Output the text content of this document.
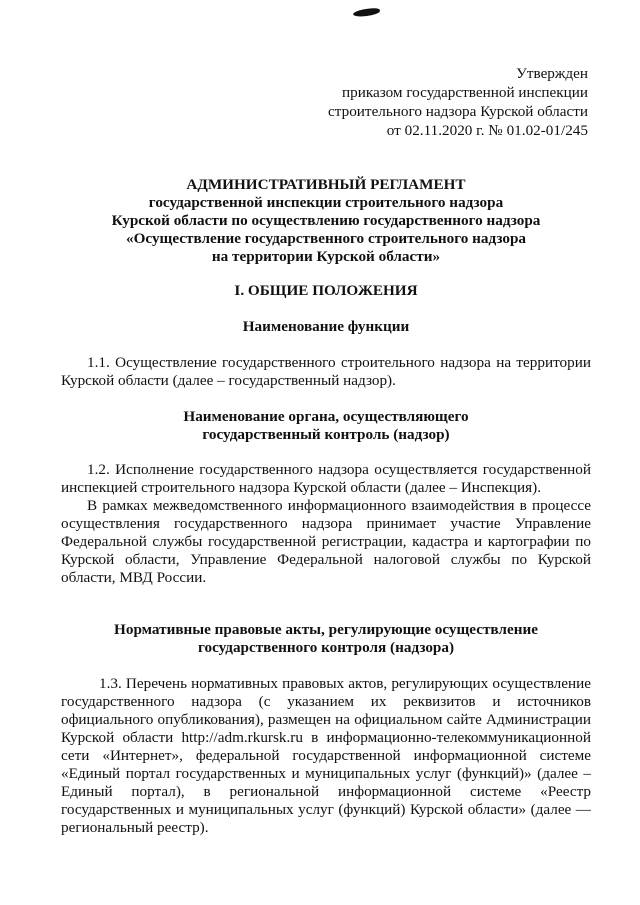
Утвержден
приказом государственной инспекции
строительного надзора Курской области
от 02.11.2020 г. № 01.02-01/245
АДМИНИСТРАТИВНЫЙ РЕГЛАМЕНТ
государственной инспекции строительного надзора
Курской области по осуществлению государственного надзора
«Осуществление государственного строительного надзора
на территории Курской области»
I. ОБЩИЕ ПОЛОЖЕНИЯ
Наименование функции

1.1. Осуществление государственного строительного надзора на территории Курской области (далее – государственный надзор).

Наименование органа, осуществляющего
государственный контроль (надзор)

1.2. Исполнение государственного надзора осуществляется государственной инспекцией строительного надзора Курской области (далее – Инспекция).

В рамках межведомственного информационного взаимодействия в процессе осуществления государственного надзора принимает участие Управление Федеральной службы государственной регистрации, кадастра и картографии по Курской области, Управление Федеральной налоговой службы по Курской области, МВД России.

Нормативные правовые акты, регулирующие осуществление
государственного контроля (надзора)

1.3. Перечень нормативных правовых актов, регулирующих осуществление государственного надзора (с указанием их реквизитов и источников официального опубликования), размещен на официальном сайте Администрации Курской области http://adm.rkursk.ru в информационно-телекоммуникационной сети «Интернет», федеральной государственной информационной системе «Единый портал государственных и муниципальных услуг (функций)» (далее – Единый портал), в региональной информационной системе «Реестр государственных и муниципальных услуг (функций) Курской области» (далее — региональный реестр).
